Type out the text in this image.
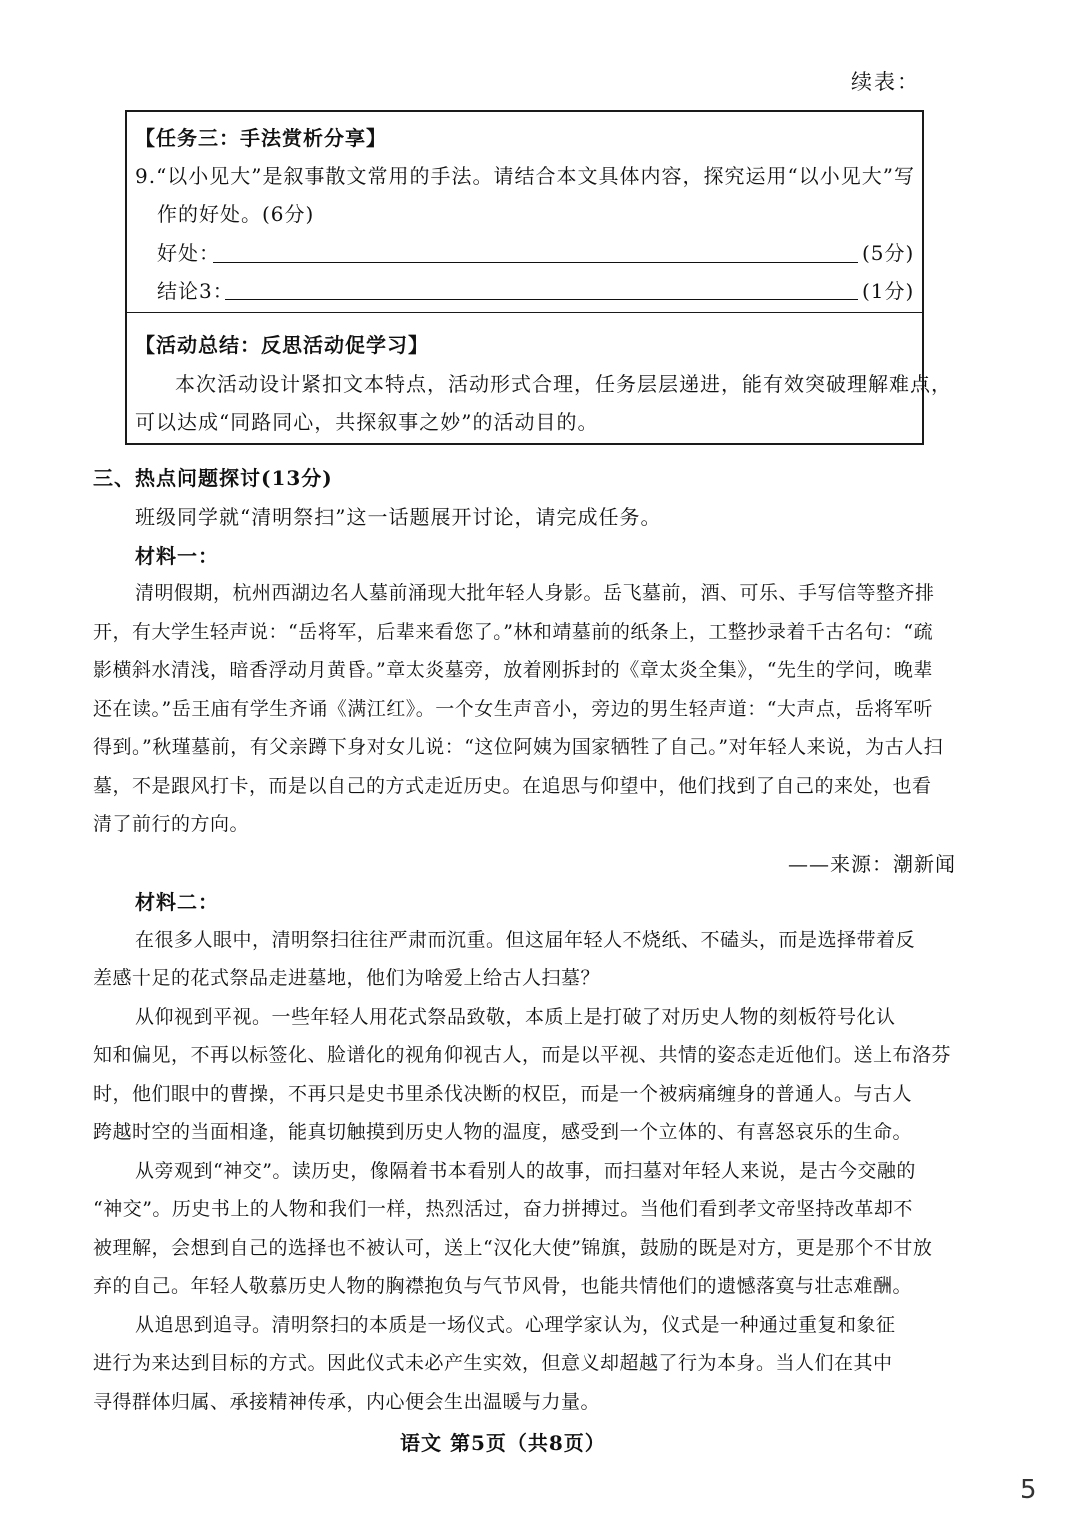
续表：
【任务三：手法赏析分享】
9.“以小见大”是叙事散文常用的手法。请结合本文具体内容，探究运用“以小见大”写
作的好处。(6分)
好处：	(5分)
结论3：	(1分)
【活动总结：反思活动促学习】
本次活动设计紧扣文本特点，活动形式合理，任务层层递进，能有效突破理解难点，
可以达成“同路同心，共探叙事之妙”的活动目的。
三、热点问题探讨(13分)
班级同学就“清明祭扫”这一话题展开讨论，请完成任务。
材料一：
清明假期，杭州西湖边名人墓前涌现大批年轻人身影。岳飞墓前，酒、可乐、手写信等整齐排
开，有大学生轻声说：“岳将军，后辈来看您了。”林和靖墓前的纸条上，工整抄录着千古名句：“疏
影横斜水清浅，暗香浮动月黄昏。”章太炎墓旁，放着刚拆封的《章太炎全集》，“先生的学问，晚辈
还在读。”岳王庙有学生齐诵《满江红》。一个女生声音小，旁边的男生轻声道：“大声点，岳将军听
得到。”秋瑾墓前，有父亲蹲下身对女儿说：“这位阿姨为国家牺牲了自己。”对年轻人来说，为古人扫
墓，不是跟风打卡，而是以自己的方式走近历史。在追思与仰望中，他们找到了自己的来处，也看
清了前行的方向。
——来源：潮新闻
材料二：
在很多人眼中，清明祭扫往往严肃而沉重。但这届年轻人不烧纸、不磕头，而是选择带着反
差感十足的花式祭品走进墓地，他们为啥爱上给古人扫墓？
从仰视到平视。一些年轻人用花式祭品致敬，本质上是打破了对历史人物的刻板符号化认
知和偏见，不再以标签化、脸谱化的视角仰视古人，而是以平视、共情的姿态走近他们。送上布洛芬
时，他们眼中的曹操，不再只是史书里杀伐决断的权臣，而是一个被病痛缠身的普通人。与古人
跨越时空的当面相逢，能真切触摸到历史人物的温度，感受到一个立体的、有喜怒哀乐的生命。
从旁观到“神交”。读历史，像隔着书本看别人的故事，而扫墓对年轻人来说，是古今交融的
“神交”。历史书上的人物和我们一样，热烈活过，奋力拼搏过。当他们看到孝文帝坚持改革却不
被理解，会想到自己的选择也不被认可，送上“汉化大使”锦旗，鼓励的既是对方，更是那个不甘放
弃的自己。年轻人敬慕历史人物的胸襟抱负与气节风骨，也能共情他们的遗憾落寞与壮志难酬。
从追思到追寻。清明祭扫的本质是一场仪式。心理学家认为，仪式是一种通过重复和象征
进行为来达到目标的方式。因此仪式未必产生实效，但意义却超越了行为本身。当人们在其中
寻得群体归属、承接精神传承，内心便会生出温暖与力量。
语文 第5页（共8页）
5
